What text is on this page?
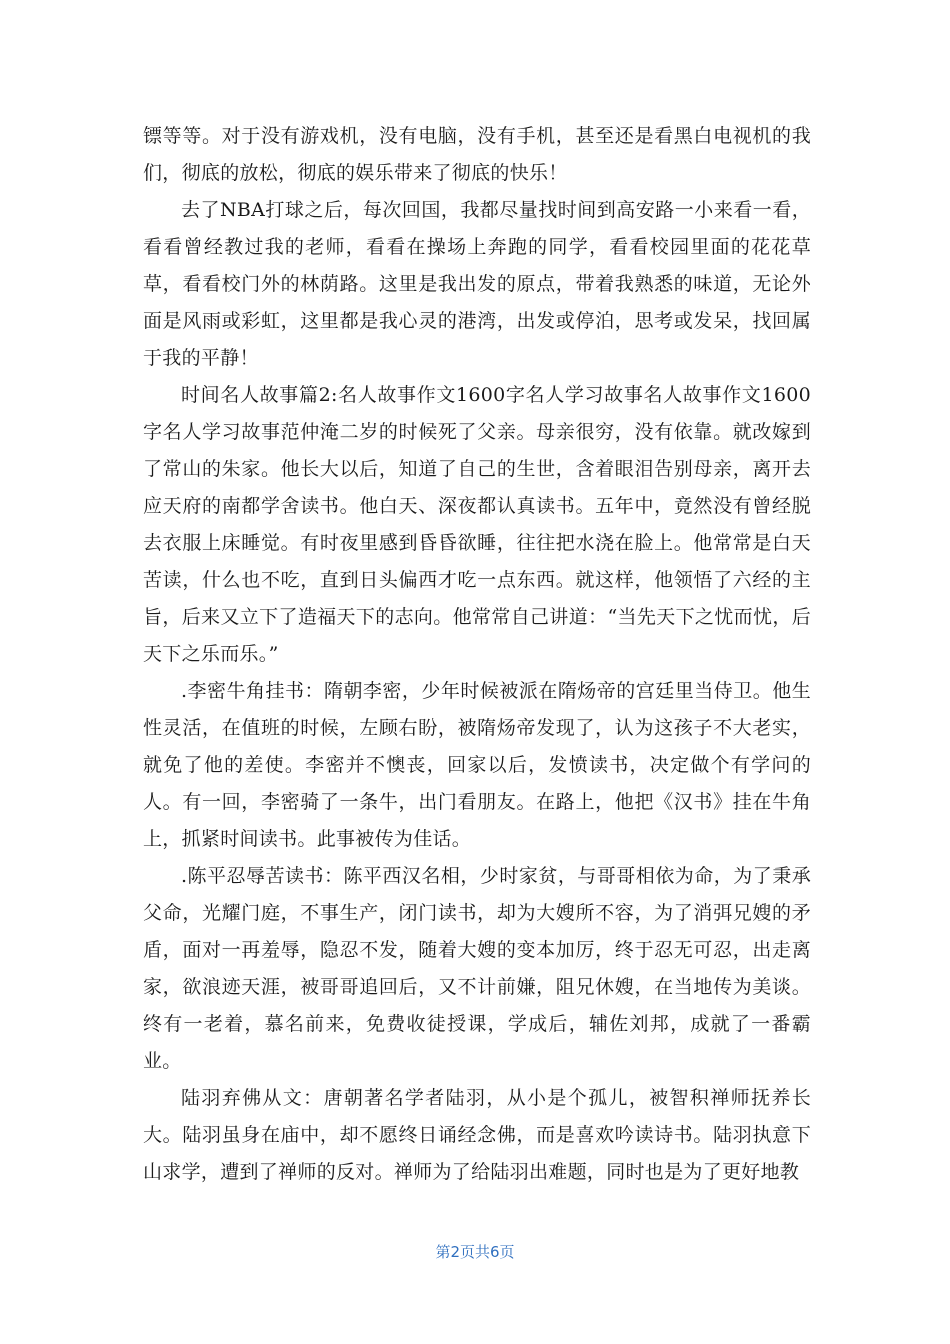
镖等等。对于没有游戏机，没有电脑，没有手机，甚至还是看黑白电视机的我们，彻底的放松，彻底的娱乐带来了彻底的快乐！

去了NBA打球之后，每次回国，我都尽量找时间到高安路一小来看一看，看看曾经教过我的老师，看看在操场上奔跑的同学，看看校园里面的花花草草，看看校门外的林荫路。这里是我出发的原点，带着我熟悉的味道，无论外面是风雨或彩虹，这里都是我心灵的港湾，出发或停泊，思考或发呆，找回属于我的平静！

时间名人故事篇2:名人故事作文1600字名人学习故事名人故事作文1600字名人学习故事范仲淹二岁的时候死了父亲。母亲很穷，没有依靠。就改嫁到了常山的朱家。他长大以后，知道了自己的生世，含着眼泪告别母亲，离开去应天府的南都学舍读书。他白天、深夜都认真读书。五年中，竟然没有曾经脱去衣服上床睡觉。有时夜里感到昏昏欲睡，往往把水浇在脸上。他常常是白天苦读，什么也不吃，直到日头偏西才吃一点东西。就这样，他领悟了六经的主旨，后来又立下了造福天下的志向。他常常自己讲道：“当先天下之忧而忧，后天下之乐而乐。”

.李密牛角挂书：隋朝李密，少年时候被派在隋炀帝的宫廷里当侍卫。他生性灵活，在值班的时候，左顾右盼，被隋炀帝发现了，认为这孩子不大老实，就免了他的差使。李密并不懊丧，回家以后，发愤读书，决定做个有学问的人。有一回，李密骑了一条牛，出门看朋友。在路上，他把《汉书》挂在牛角上，抓紧时间读书。此事被传为佳话。

.陈平忍辱苦读书：陈平西汉名相，少时家贫，与哥哥相依为命，为了秉承父命，光耀门庭，不事生产，闭门读书，却为大嫂所不容，为了消弭兄嫂的矛盾，面对一再羞辱，隐忍不发，随着大嫂的变本加厉，终于忍无可忍，出走离家，欲浪迹天涯，被哥哥追回后，又不计前嫌，阻兄休嫂，在当地传为美谈。终有一老着，慕名前来，免费收徒授课，学成后，辅佐刘邦，成就了一番霸业。

陆羽弃佛从文：唐朝著名学者陆羽，从小是个孤儿，被智积禅师抚养长大。陆羽虽身在庙中，却不愿终日诵经念佛，而是喜欢吟读诗书。陆羽执意下山求学，遭到了禅师的反对。禅师为了给陆羽出难题，同时也是为了更好地教

第2页共6页
